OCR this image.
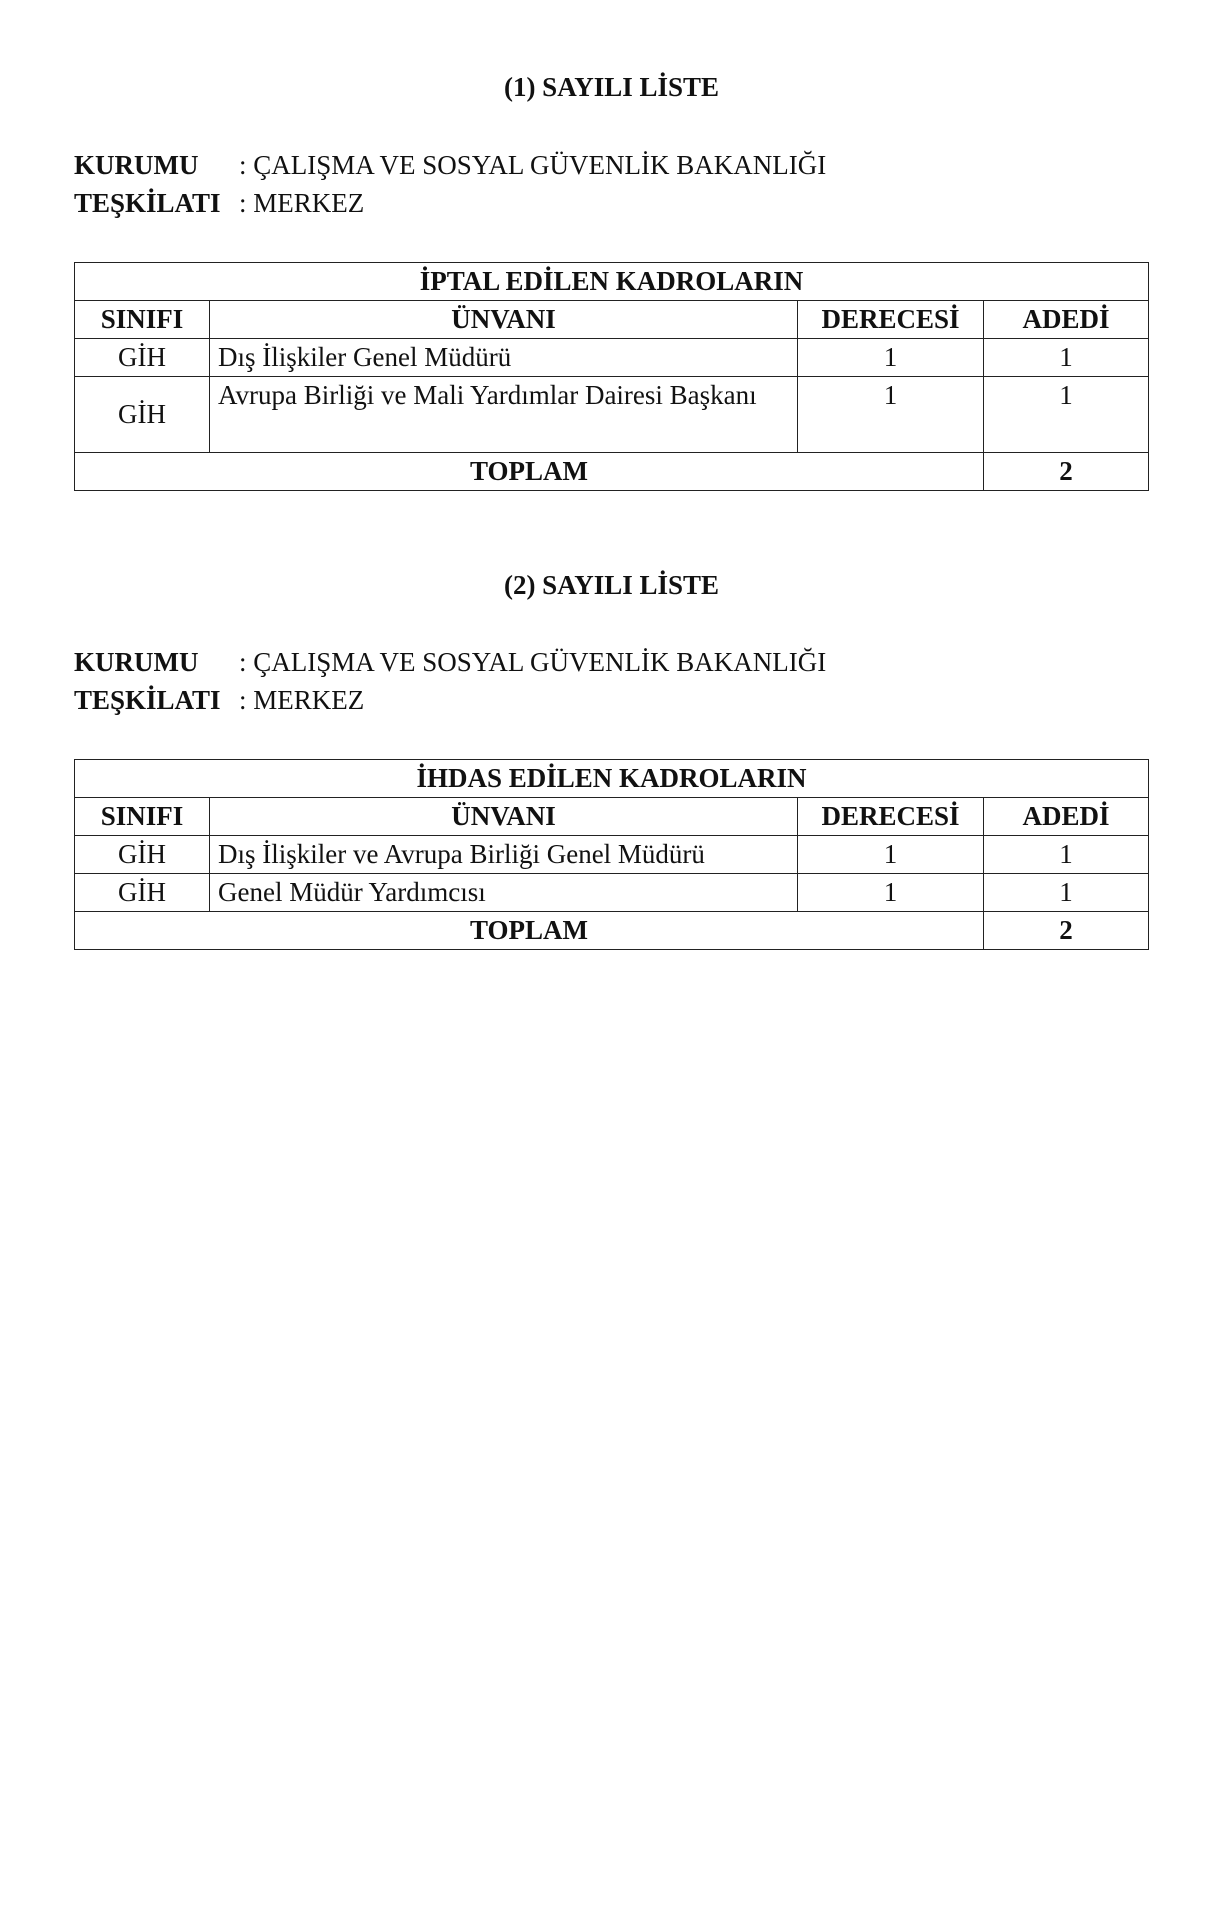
(1) SAYILI LİSTE
KURUMU : ÇALIŞMA VE SOSYAL GÜVENLİK BAKANLIĞI
TEŞKİLATI : MERKEZ
İPTAL EDİLEN KADROLARIN			
SINIFI	ÜNVANI	DERECESİ	ADEDİ
GİH	Dış İlişkiler Genel Müdürü	1	1
GİH	Avrupa Birliği ve Mali Yardımlar Dairesi Başkanı	1	1
TOPLAM			2
(2) SAYILI LİSTE
KURUMU : ÇALIŞMA VE SOSYAL GÜVENLİK BAKANLIĞI
TEŞKİLATI : MERKEZ
İHDAS EDİLEN KADROLARIN			
SINIFI	ÜNVANI	DERECESİ	ADEDİ
GİH	Dış İlişkiler ve Avrupa Birliği Genel Müdürü	1	1
GİH	Genel Müdür Yardımcısı	1	1
TOPLAM			2
